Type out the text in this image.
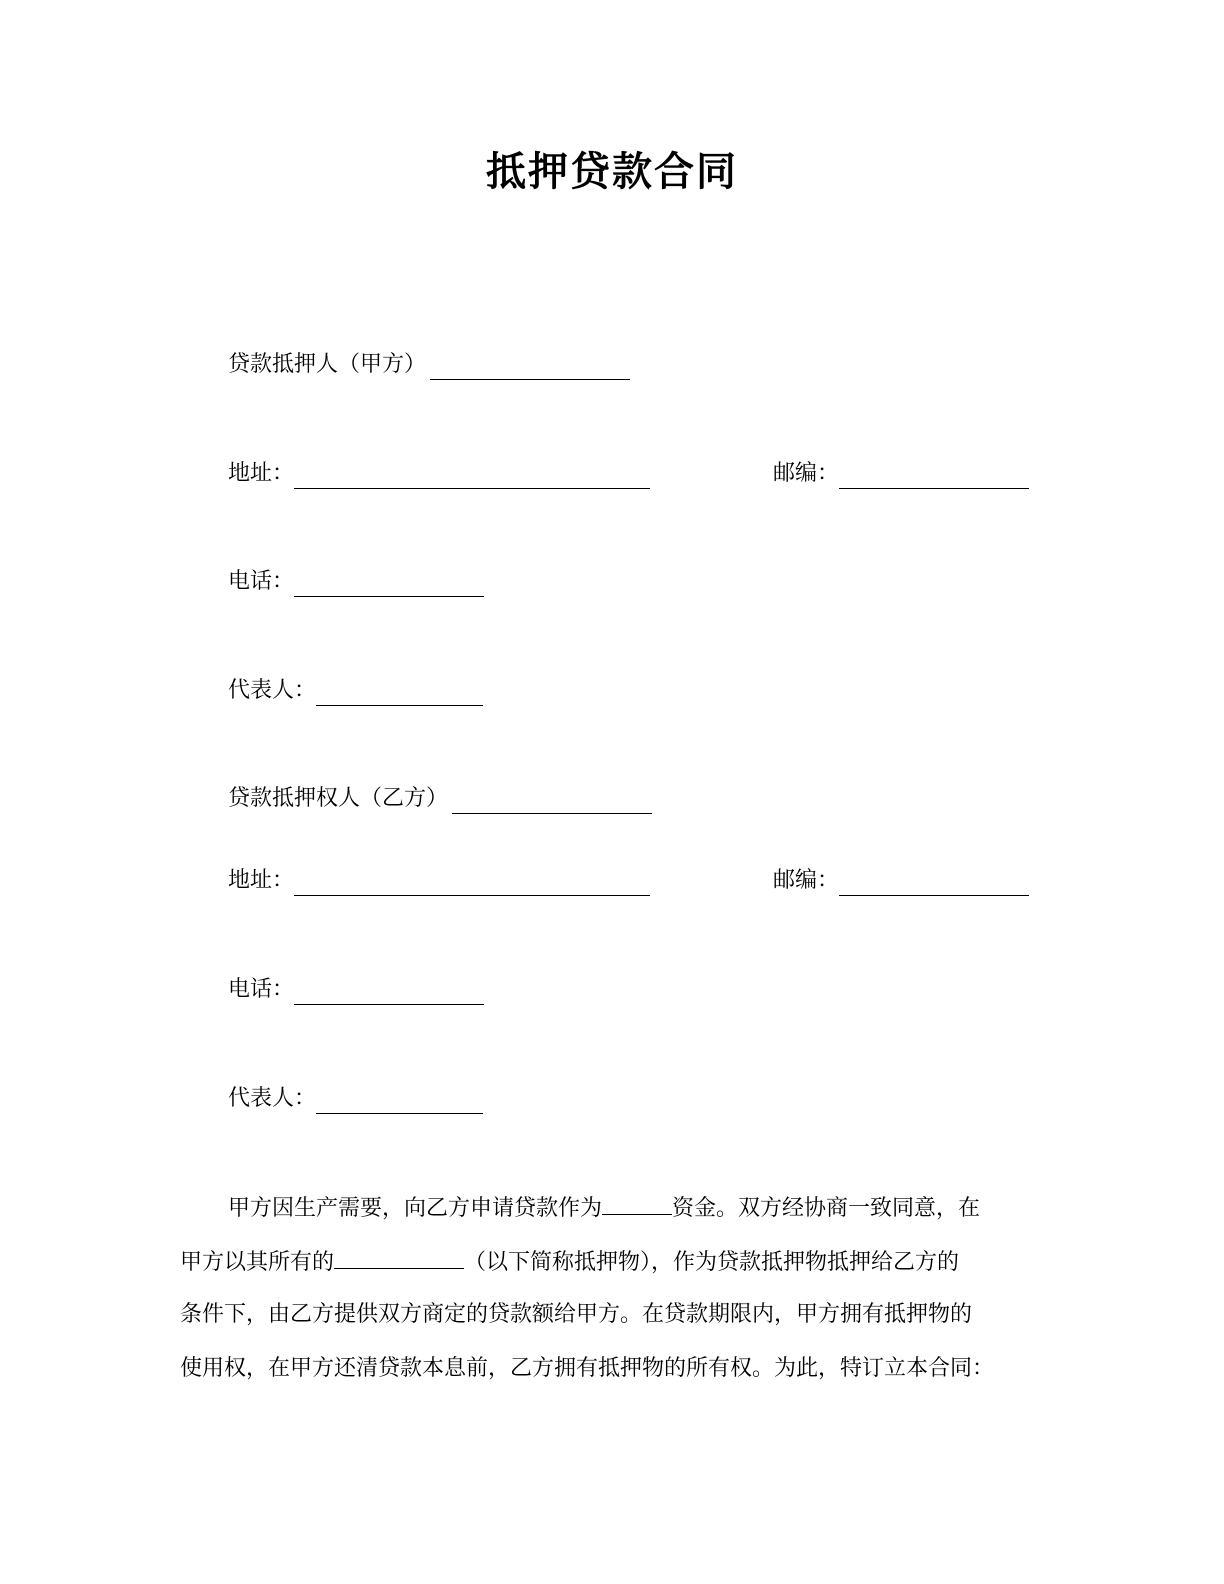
抵押贷款合同
贷款抵押人（甲方）
地址：	邮编：
电话：
代表人：
贷款抵押权人（乙方）
地址：	邮编：
电话：
代表人：
甲方因生产需要，向乙方申请贷款作为	资金。双方经协商一致同意，在
甲方以其所有的	（以下简称抵押物），作为贷款抵押物抵押给乙方的
条件下，由乙方提供双方商定的贷款额给甲方。在贷款期限内，甲方拥有抵押物的
使用权，在甲方还清贷款本息前，乙方拥有抵押物的所有权。为此，特订立本合同：
